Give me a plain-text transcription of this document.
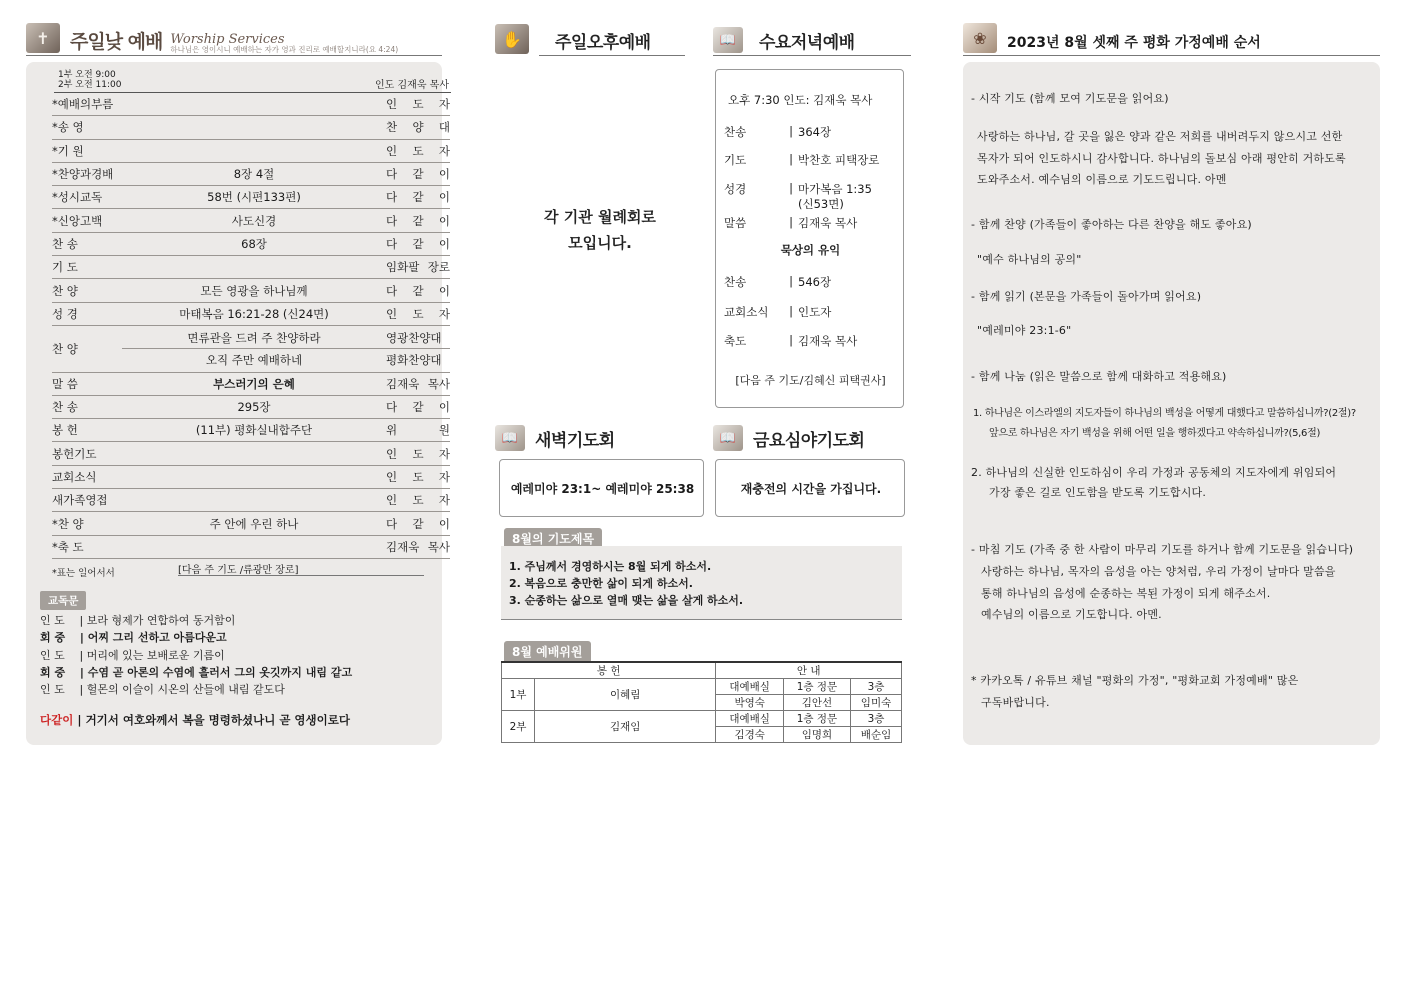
✝	주일낮 예배 Worship Services
하나님은 영이시니 예배하는 자가 영과 진리로 예배할지니라(요 4:24)
1부 오전 9:00
2부 오전 11:00	인도 김재욱 목사
*예배의부름	인 도 자
*송 영	찬 양 대
*기 원	인 도 자
*찬양과경배	8장 4절	다 같 이
*성시교독	58번 (시편133편)	다 같 이
*신앙고백	사도신경	다 같 이
찬 송	68장	다 같 이
기 도	임화팔 장로
찬 양	모든 영광을 하나님께	다 같 이
성 경	마태복음 16:21-28 (신24면)	인 도 자
찬 양
면류관을 드려 주 찬양하라	영광찬양대
오직 주만 예배하네	평화찬양대
말 씀	부스러기의 은혜	김재욱 목사
찬 송	295장	다 같 이
봉 헌	(11부) 평화실내합주단	위 원
봉헌기도	인 도 자
교회소식	인 도 자
새가족영접	인 도 자
*찬 양	주 안에 우린 하나	다 같 이
*축 도	김재욱 목사
*표는 일어서서	[다음 주 기도 /류광만 장로]
교독문
인 도 | 보라 형제가 연합하여 동거함이
회 중 | 어찌 그리 선하고 아름다운고
인 도 | 머리에 있는 보배로운 기름이
회 중 | 수염 곧 아론의 수염에 흘러서 그의 옷깃까지 내림 같고
인 도 | 헐몬의 이슬이 시온의 산들에 내림 같도다
다같이 | 거기서 여호와께서 복을 명령하셨나니 곧 영생이로다
✋	주일오후예배
각 기관 월례회로
모입니다.
📖	수요저녁예배
오후 7:30 인도: 김재욱 목사
찬송	| 364장
기도	| 박찬호 피택장로
성경	| 마가복음 1:35
(신53면)
말씀	| 김재욱 목사
찬송	| 546장
교회소식	| 인도자
축도	| 김재욱 목사
묵상의 유익
[다음 주 기도/김혜신 피택권사]
📖 새벽기도회
예레미야 23:1~ 예레미야 25:38
📖 금요심야기도회
재충전의 시간을 가집니다.
8월의 기도제목
1. 주님께서 경영하시는 8월 되게 하소서.
2. 복음으로 충만한 삶이 되게 하소서.
3. 순종하는 삶으로 열매 맺는 삶을 살게 하소서.
8월 예배위원
봉 헌		안 내		
1부	이혜림	대예배실	1층 정문	3층
		박영숙	김안선	임미숙
2부	김재임	대예배실	1층 정문	3층
		김경숙	임명희	배순임
❀	2023년 8월 셋째 주 평화 가정예배 순서
- 시작 기도 (함께 모여 기도문을 읽어요)
사랑하는 하나님, 갈 곳을 잃은 양과 같은 저희를 내버려두지 않으시고 선한
목자가 되어 인도하시니 감사합니다. 하나님의 돌보심 아래 평안히 거하도록
도와주소서. 예수님의 이름으로 기도드립니다. 아멘
- 함께 찬양 (가족들이 좋아하는 다른 찬양을 해도 좋아요)
"예수 하나님의 공의"
- 함께 읽기 (본문을 가족들이 돌아가며 읽어요)
"예레미야 23:1-6"
- 함께 나눔 (읽은 말씀으로 함께 대화하고 적용해요)
1. 하나님은 이스라엘의 지도자들이 하나님의 백성을 어떻게 대했다고 말씀하십니까?(2절)?
앞으로 하나님은 자기 백성을 위해 어떤 일을 행하겠다고 약속하십니까?(5,6절)
2. 하나님의 신실한 인도하심이 우리 가정과 공동체의 지도자에게 위임되어
가장 좋은 길로 인도함을 받도록 기도합시다.
- 마침 기도 (가족 중 한 사람이 마무리 기도를 하거나 함께 기도문을 읽습니다)
사랑하는 하나님, 목자의 음성을 아는 양처럼, 우리 가정이 날마다 말씀을
통해 하나님의 음성에 순종하는 복된 가정이 되게 해주소서.
예수님의 이름으로 기도합니다. 아멘.
* 카카오톡 / 유튜브 채널 "평화의 가정", "평화교회 가정예배" 많은
구독바랍니다.
